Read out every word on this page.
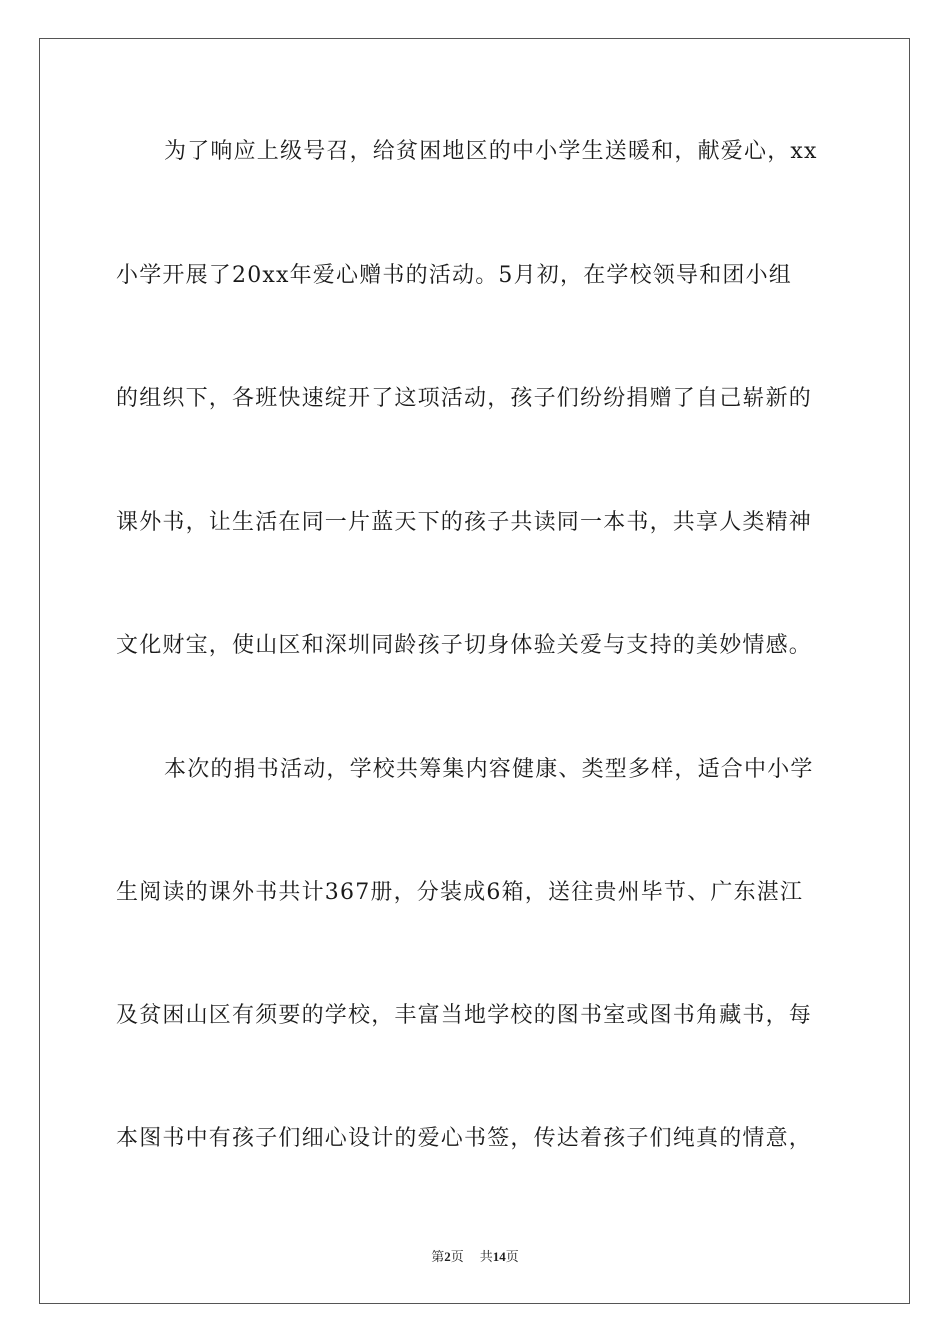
为了响应上级号召，给贫困地区的中小学生送暖和，献爱心，xx
小学开展了20xx年爱心赠书的活动。5月初，在学校领导和团小组
的组织下，各班快速绽开了这项活动，孩子们纷纷捐赠了自己崭新的
课外书，让生活在同一片蓝天下的孩子共读同一本书，共享人类精神
文化财宝，使山区和深圳同龄孩子切身体验关爱与支持的美妙情感。
本次的捐书活动，学校共筹集内容健康、类型多样，适合中小学
生阅读的课外书共计367册，分装成6箱，送往贵州毕节、广东湛江
及贫困山区有须要的学校，丰富当地学校的图书室或图书角藏书，每
本图书中有孩子们细心设计的爱心书签，传达着孩子们纯真的情意，
第2页 共14页
